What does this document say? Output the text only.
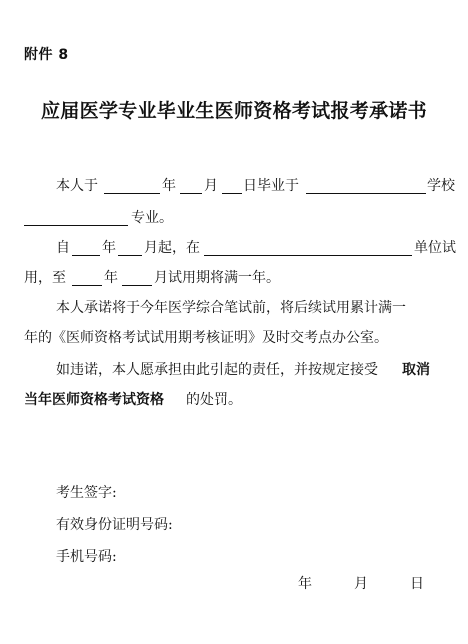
附件 8
应届医学专业毕业生医师资格考试报考承诺书
本人于	年 月 日毕业于	学校
专业。
自 年 月起，在	单位试
用，至	年	月试用期将满一年。
本人承诺将于今年医学综合笔试前，将后续试用累计满一
年的《医师资格考试试用期考核证明》及时交考点办公室。
如违诺，本人愿承担由此引起的责任，并按规定接受 取消
当年医师资格考试资格 的处罚。
考生签字:
有效身份证明号码:
手机号码:
年	月	日
